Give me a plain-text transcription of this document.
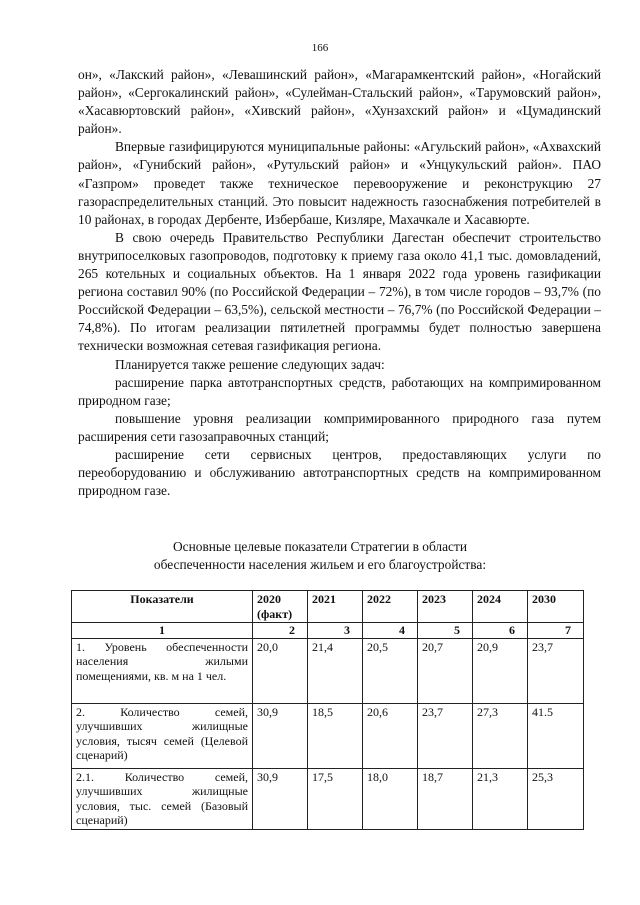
166

он», «Лакский район», «Левашинский район», «Магарамкентский район», «Ногайский район», «Сергокалинский район», «Сулейман-Стальский район», «Тарумовский район», «Хасавюртовский район», «Хивский район», «Хунзахский район» и «Цумадинский район».

Впервые газифицируются муниципальные районы: «Агульский район», «Ахвахский район», «Гунибский район», «Рутульский район» и «Унцукульский район». ПАО «Газпром» проведет также техническое перевооружение и реконструкцию 27 газораспределительных станций. Это повысит надежность газоснабжения потребителей в 10 районах, в городах Дербенте, Избербаше, Кизляре, Махачкале и Хасавюрте.

В свою очередь Правительство Республики Дагестан обеспечит строительство внутрипоселковых газопроводов, подготовку к приему газа около 41,1 тыс. домовладений, 265 котельных и социальных объектов. На 1 января 2022 года уровень газификации региона составил 90% (по Российской Федерации – 72%), в том числе городов – 93,7% (по Российской Федерации – 63,5%), сельской местности – 76,7% (по Российской Федерации – 74,8%). По итогам реализации пятилетней программы будет полностью завершена технически возможная сетевая газификация региона.

Планируется также решение следующих задач:

расширение парка автотранспортных средств, работающих на компримированном природном газе;

повышение уровня реализации компримированного природного газа путем расширения сети газозаправочных станций;

расширение сети сервисных центров, предоставляющих услуги по переоборудованию и обслуживанию автотранспортных средств на компримированном природном газе.

Основные целевые показатели Стратегии в области
обеспеченности населения жильем и его благоустройства:
Показатели	2020 (факт)	2021	2022	2023	2024	2030
1	2	3	4	5	6	7
1. Уровень обеспеченности населения жилыми помещениями, кв. м на 1 чел.	20,0	21,4	20,5	20,7	20,9	23,7
2. Количество семей, улучшивших жилищные условия, тысяч семей (Целевой сценарий)	30,9	18,5	20,6	23,7	27,3	41.5
2.1. Количество семей, улучшивших жилищные условия, тыс. семей (Базовый сценарий)	30,9	17,5	18,0	18,7	21,3	25,3
